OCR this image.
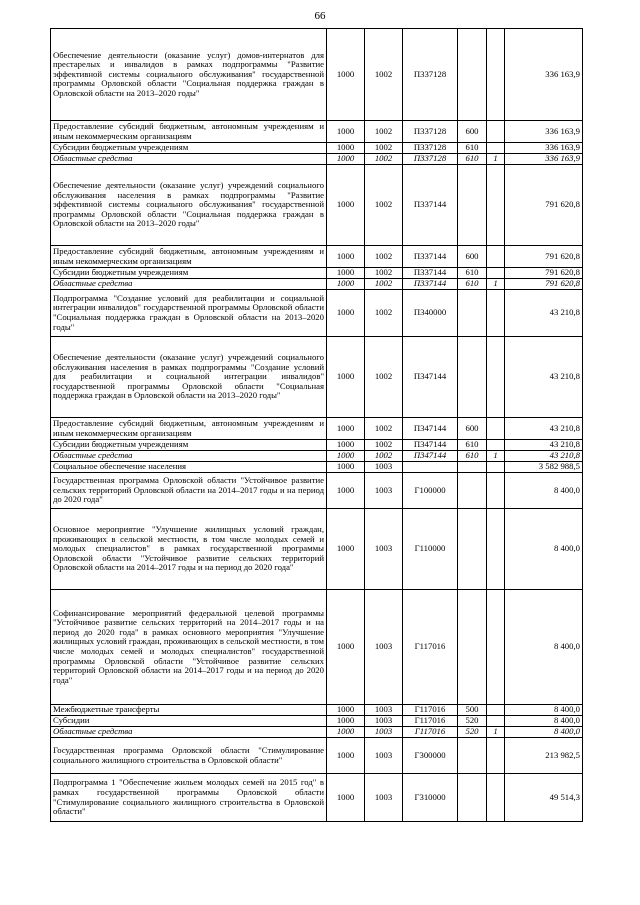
66
Обеспечение деятельности (оказание услуг) домов-интернатов для престарелых и инвалидов в рамках подпрограммы "Развитие эффективной системы социального обслуживания" государственной программы Орловской области "Социальная поддержка граждан в Орловской области на 2013–2020 годы"	1000	1002	П337128			336 163,9
Предоставление субсидий бюджетным, автономным учреждениям и иным некоммерческим организациям	1000	1002	П337128	600		336 163,9
Субсидии бюджетным учреждениям	1000	1002	П337128	610		336 163,9
Областные средства	1000	1002	П337128	610	1	336 163,9
Обеспечение деятельности (оказание услуг) учреждений социального обслуживания населения в рамках подпрограммы "Развитие эффективной системы социального обслуживания" государственной программы Орловской области "Социальная поддержка граждан в Орловской области на 2013–2020 годы"	1000	1002	П337144			791 620,8
Предоставление субсидий бюджетным, автономным учреждениям и иным некоммерческим организациям	1000	1002	П337144	600		791 620,8
Субсидии бюджетным учреждениям	1000	1002	П337144	610		791 620,8
Областные средства	1000	1002	П337144	610	1	791 620,8
Подпрограмма "Создание условий для реабилитации и социальной интеграции инвалидов" государственной программы Орловской области "Социальная поддержка граждан в Орловской области на 2013–2020 годы"	1000	1002	П340000			43 210,8
Обеспечение деятельности (оказание услуг) учреждений социального обслуживания населения в рамках подпрограммы "Создание условий для реабилитации и социальной интеграции инвалидов" государственной программы Орловской области "Социальная поддержка граждан в Орловской области на 2013–2020 годы"	1000	1002	П347144			43 210,8
Предоставление субсидий бюджетным, автономным учреждениям и иным некоммерческим организациям	1000	1002	П347144	600		43 210,8
Субсидии бюджетным учреждениям	1000	1002	П347144	610		43 210,8
Областные средства	1000	1002	П347144	610	1	43 210,8
Социальное обеспечение населения	1000	1003				3 582 988,5
Государственная программа Орловской области "Устойчивое развитие сельских территорий Орловской области на 2014–2017 годы и на период до 2020 года"	1000	1003	Г100000			8 400,0
Основное мероприятие "Улучшение жилищных условий граждан, проживающих в сельской местности, в том числе молодых семей и молодых специалистов" в рамках государственной программы Орловской области "Устойчивое развитие сельских территорий Орловской области на 2014–2017 годы и на период до 2020 года"	1000	1003	Г110000			8 400,0
Софинансирование мероприятий федеральной целевой программы "Устойчивое развитие сельских территорий на 2014–2017 годы и на период до 2020 года" в рамках основного мероприятия "Улучшение жилищных условий граждан, проживающих в сельской местности, в том числе молодых семей и молодых специалистов" государственной программы Орловской области "Устойчивое развитие сельских территорий Орловской области на 2014–2017 годы и на период до 2020 года"	1000	1003	Г117016			8 400,0
Межбюджетные трансферты	1000	1003	Г117016	500		8 400,0
Субсидии	1000	1003	Г117016	520		8 400,0
Областные средства	1000	1003	Г117016	520	1	8 400,0
Государственная программа Орловской области "Стимулирование социального жилищного строительства в Орловской области"	1000	1003	Г300000			213 982,5
Подпрограмма 1 "Обеспечение жильем молодых семей на 2015 год" в рамках государственной программы Орловской области "Стимулирование социального жилищного строительства в Орловской области"	1000	1003	Г310000			49 514,3
